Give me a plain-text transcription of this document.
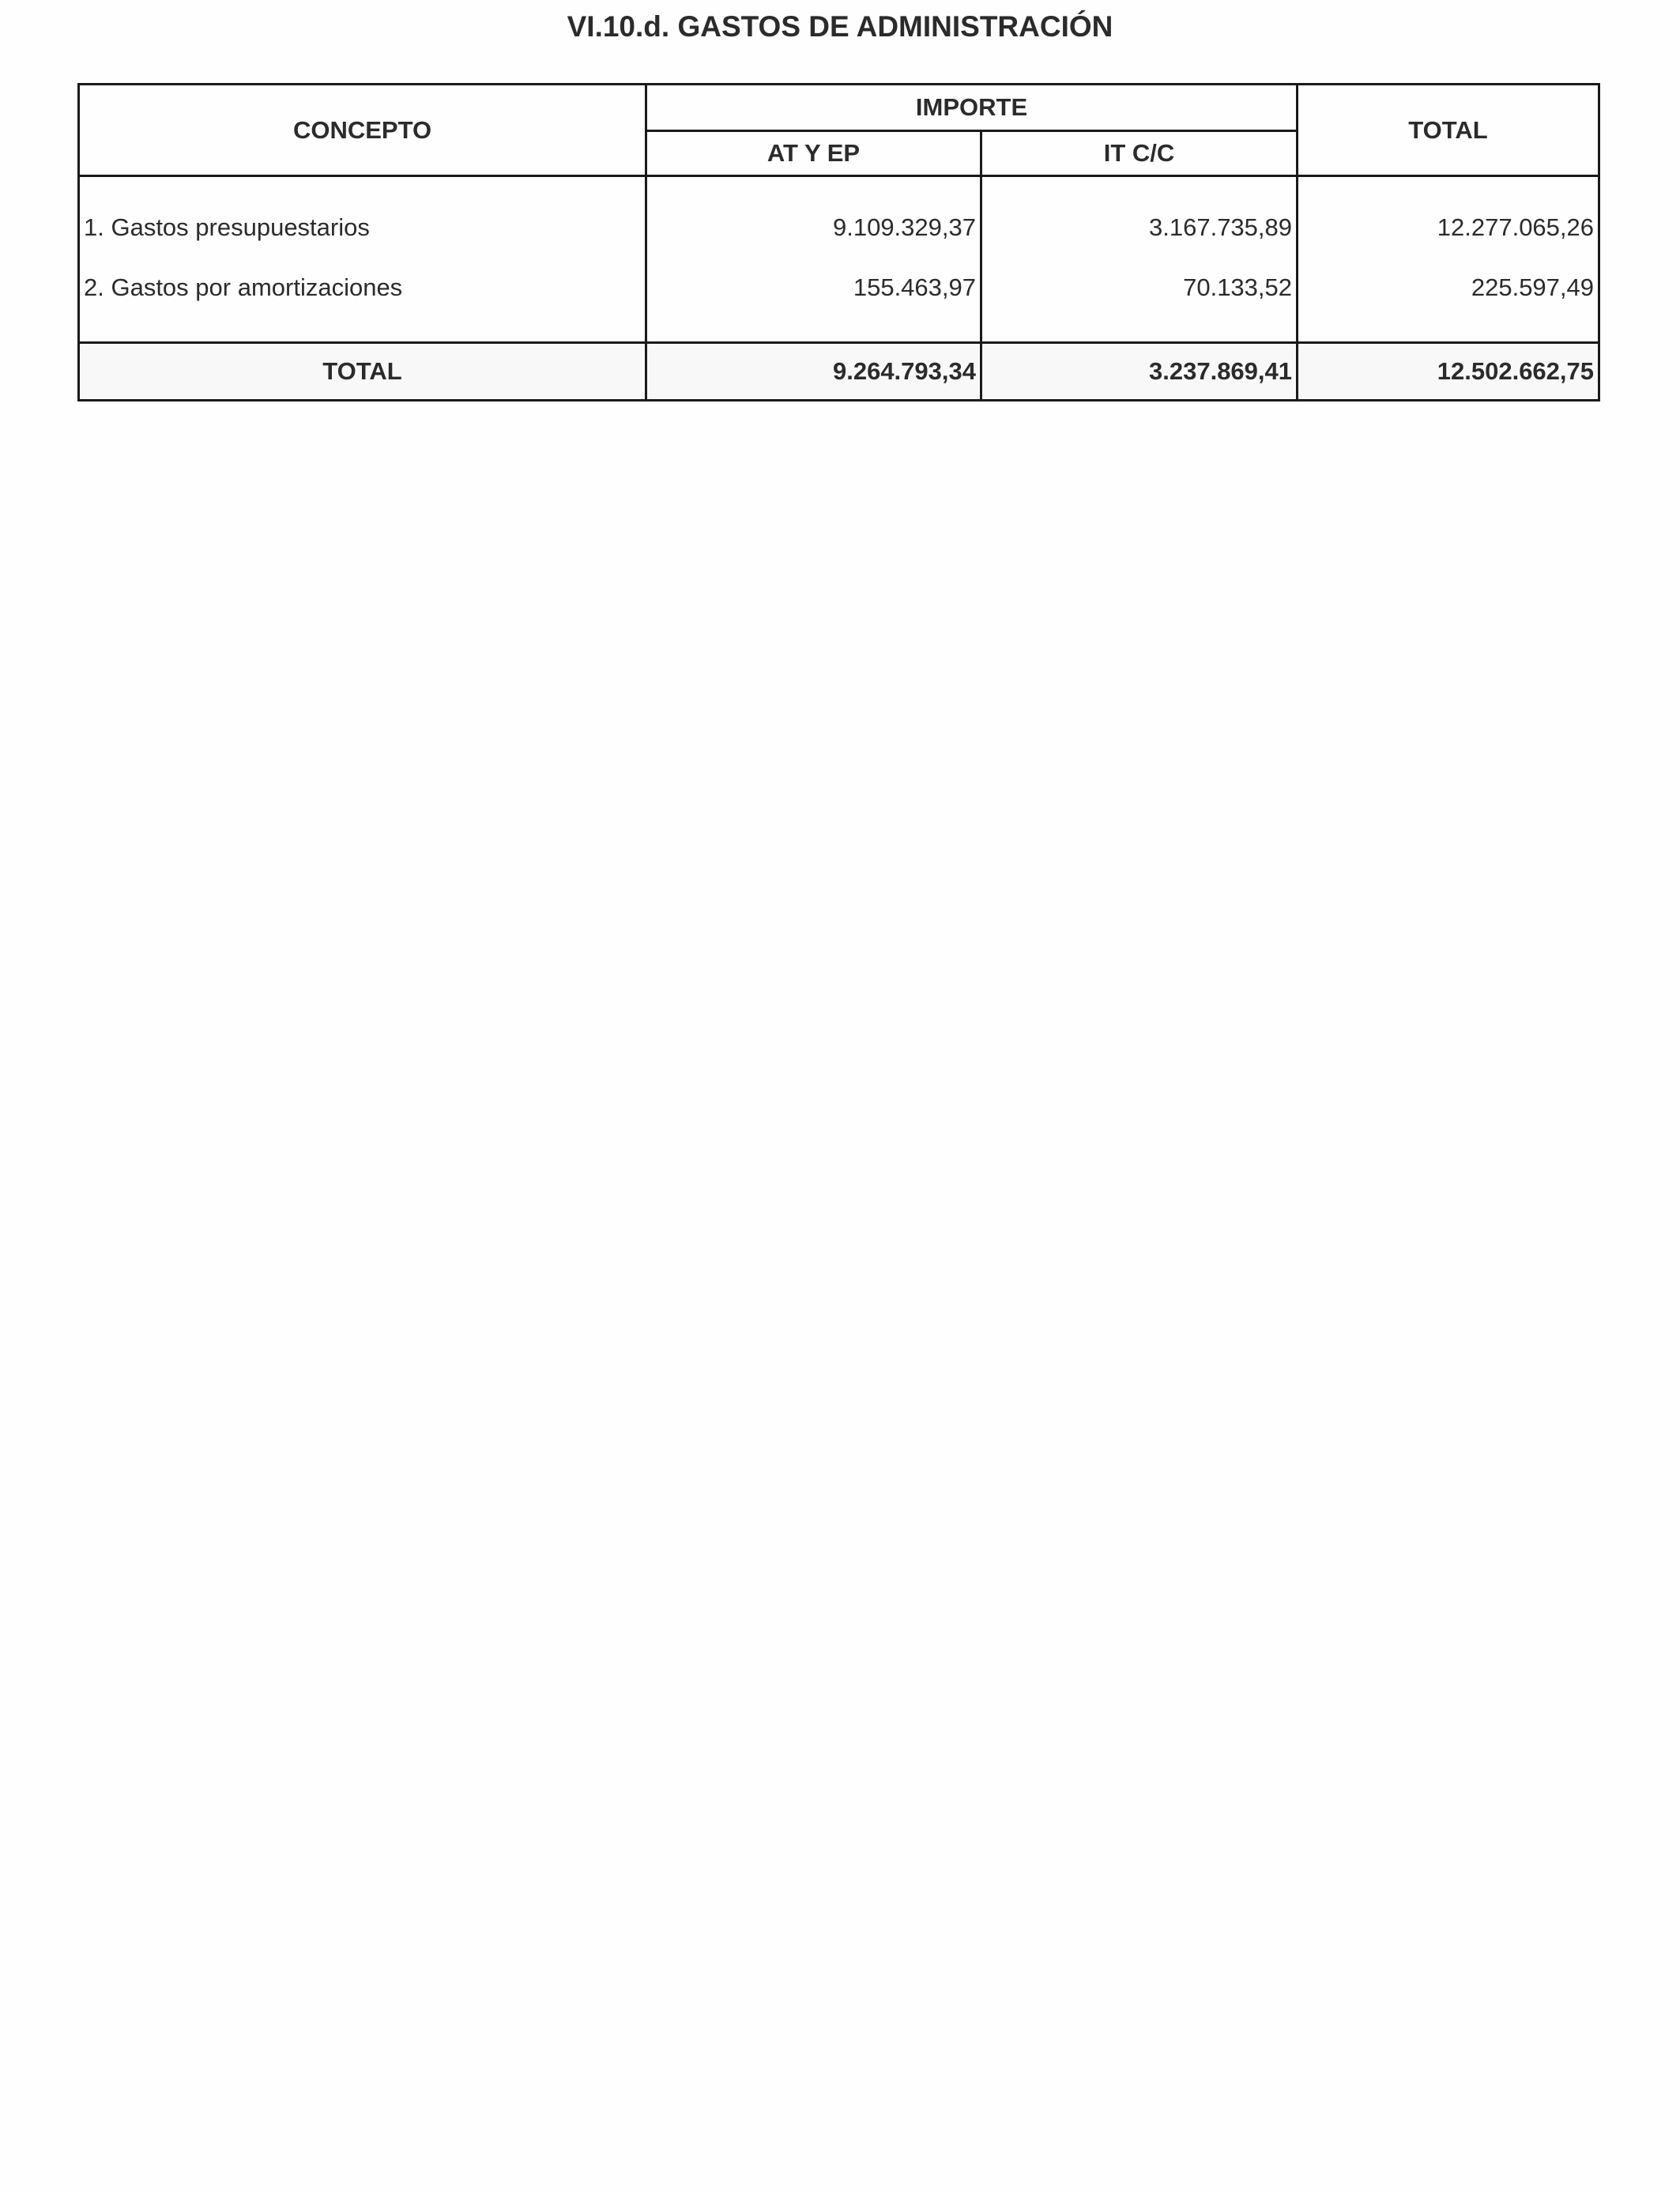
VI.10.d. GASTOS DE ADMINISTRACIÓN
CONCEPTO	IMPORTE		TOTAL
	AT Y EP	IT C/C	
1. Gastos presupuestarios	9.109.329,37	3.167.735,89	12.277.065,26
2. Gastos por amortizaciones	155.463,97	70.133,52	225.597,49
TOTAL	9.264.793,34	3.237.869,41	12.502.662,75
